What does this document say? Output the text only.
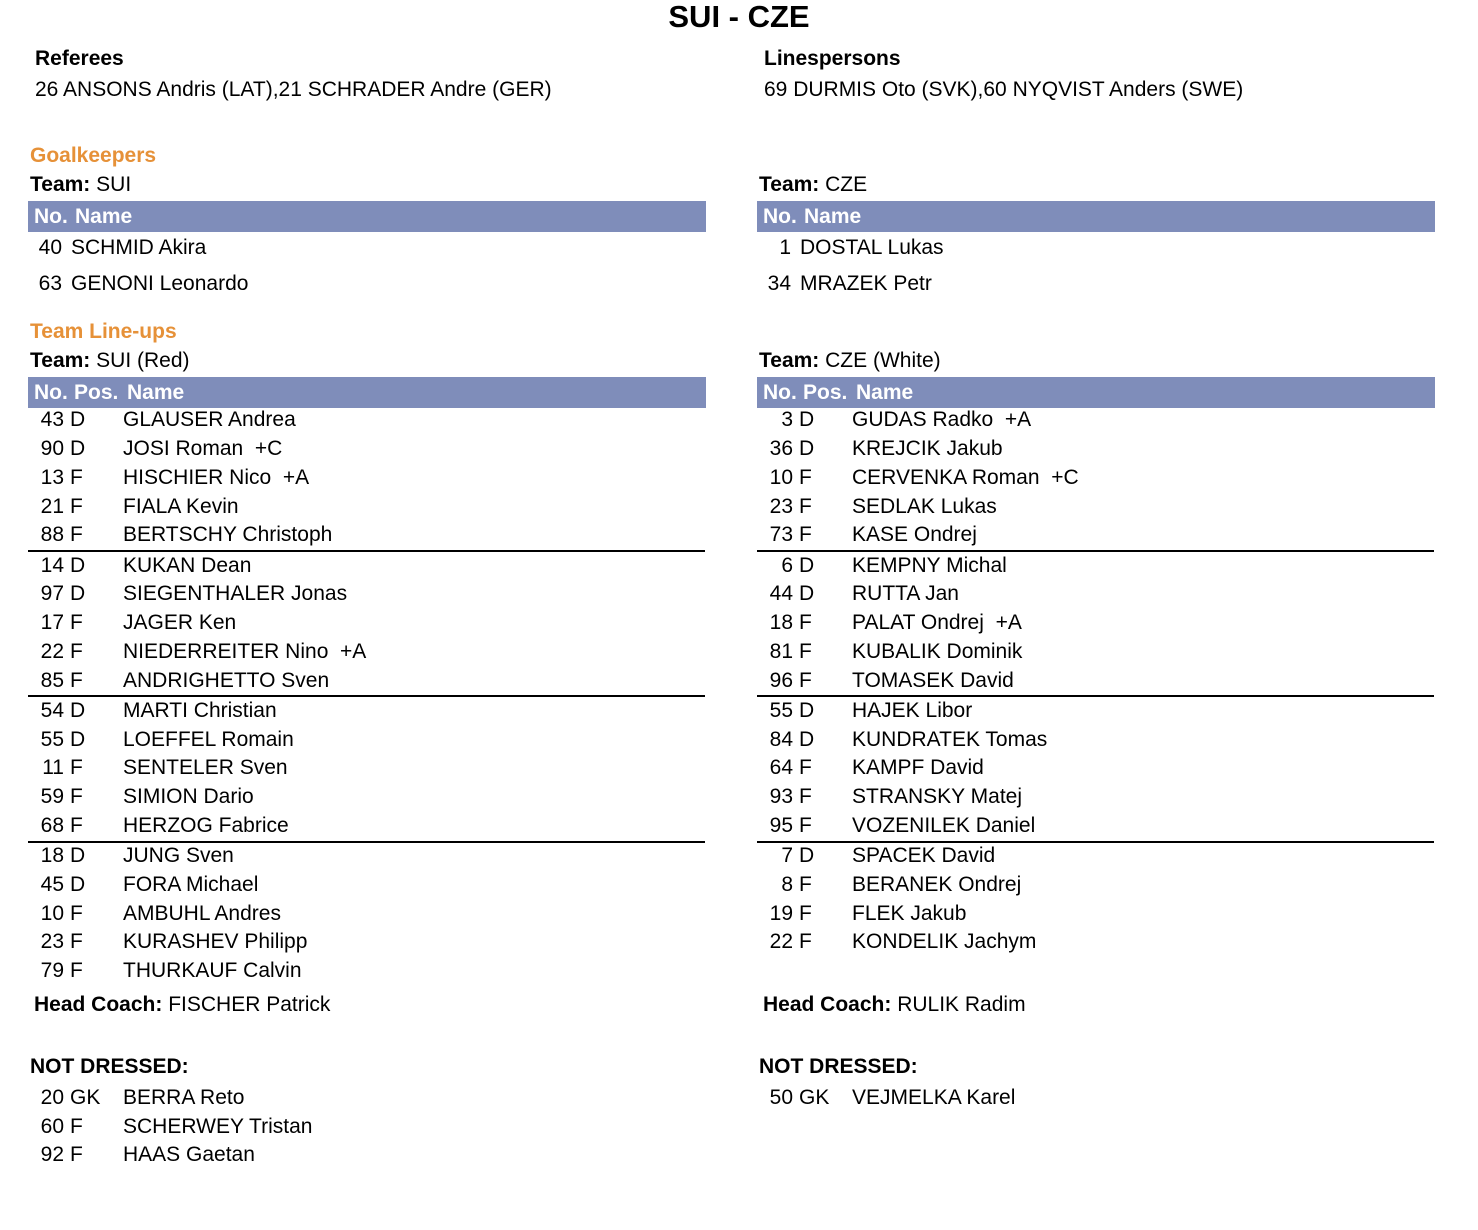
SUI - CZE
Referees
26 ANSONS Andris (LAT),21 SCHRADER Andre (GER)
Linespersons
69 DURMIS Oto (SVK),60 NYQVIST Anders (SWE)
Goalkeepers
Team: SUI	Team: CZE
No. Name	No. Name
40 SCHMID Akira
63 GENONI Leonardo
1 DOSTAL Lukas
34 MRAZEK Petr
Team Line-ups
Team: SUI (Red)	Team: CZE (White)
No. Pos. Name	No. Pos. Name
43 D GLAUSER Andrea
90 D JOSI Roman  +C
13 F HISCHIER Nico  +A
21 F FIALA Kevin
88 F BERTSCHY Christoph
14 D KUKAN Dean
97 D SIEGENTHALER Jonas
17 F JAGER Ken
22 F NIEDERREITER Nino  +A
85 F ANDRIGHETTO Sven
54 D MARTI Christian
55 D LOEFFEL Romain
11 F SENTELER Sven
59 F SIMION Dario
68 F HERZOG Fabrice
18 D JUNG Sven
45 D FORA Michael
10 F AMBUHL Andres
23 F KURASHEV Philipp
79 F THURKAUF Calvin
3 D GUDAS Radko  +A
36 D KREJCIK Jakub
10 F CERVENKA Roman  +C
23 F SEDLAK Lukas
73 F KASE Ondrej
6 D KEMPNY Michal
44 D RUTTA Jan
18 F PALAT Ondrej  +A
81 F KUBALIK Dominik
96 F TOMASEK David
55 D HAJEK Libor
84 D KUNDRATEK Tomas
64 F KAMPF David
93 F STRANSKY Matej
95 F VOZENILEK Daniel
7 D SPACEK David
8 F BERANEK Ondrej
19 F FLEK Jakub
22 F KONDELIK Jachym
Head Coach: FISCHER Patrick	Head Coach: RULIK Radim
NOT DRESSED:	NOT DRESSED:
20 GK BERRA Reto
60 F SCHERWEY Tristan
92 F HAAS Gaetan
50 GK VEJMELKA Karel
